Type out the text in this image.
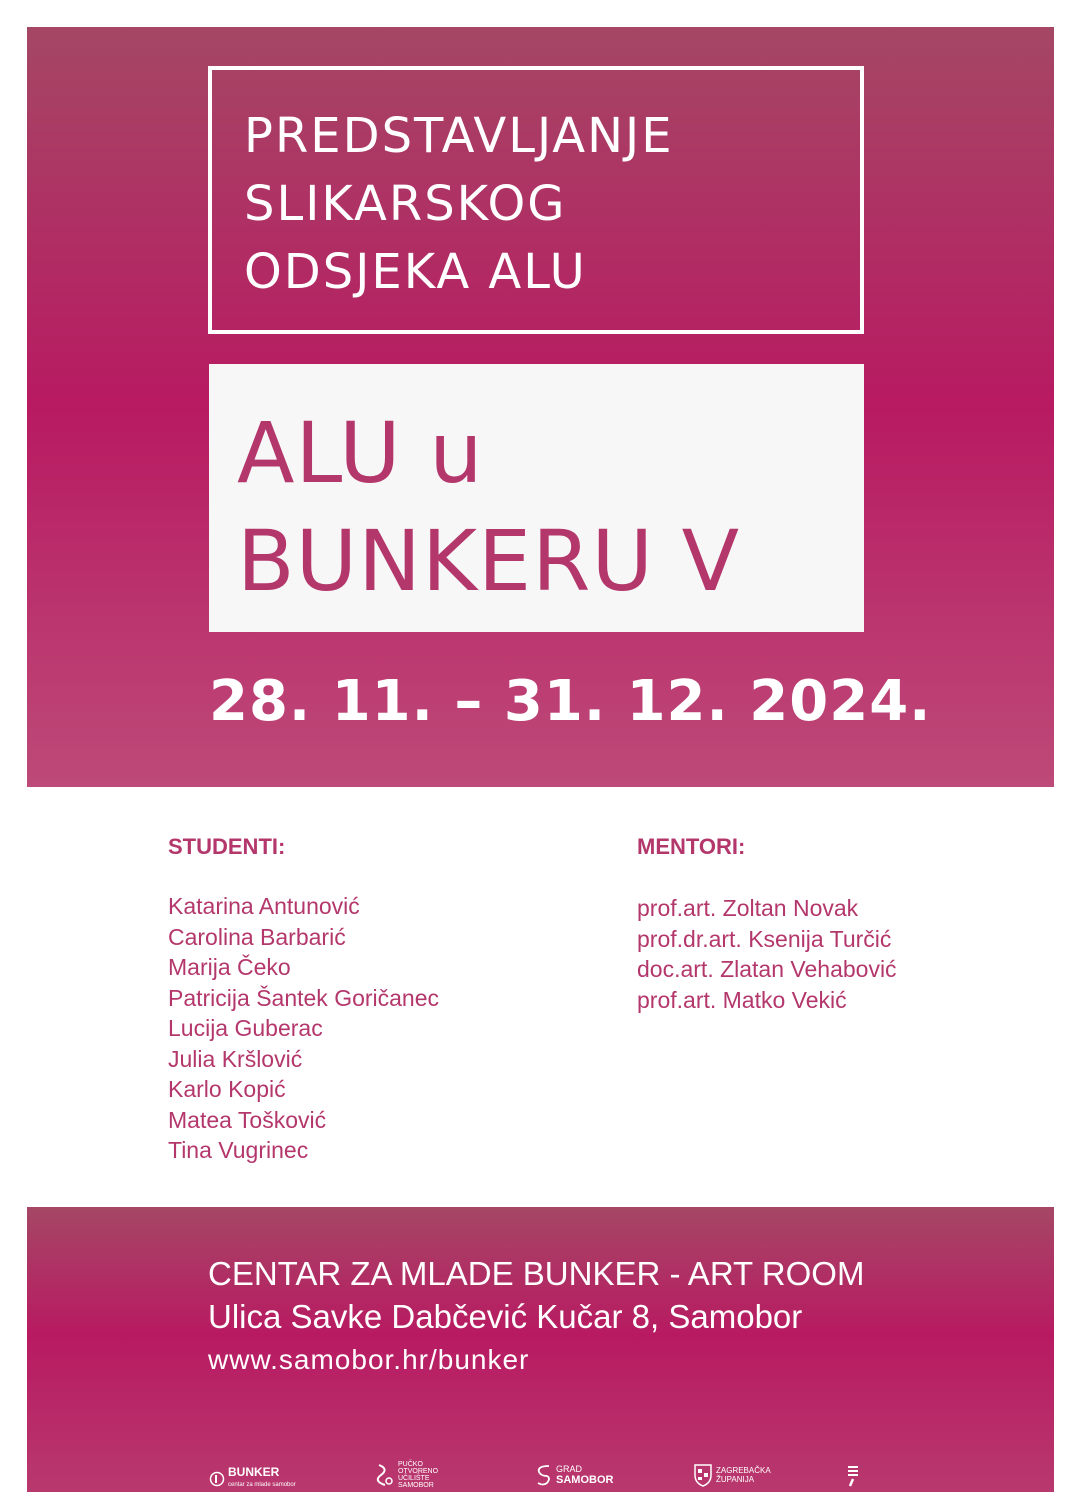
PREDSTAVLJANJE
SLIKARSKOG
ODSJEKA ALU
ALU u
BUNKERU V
28. 11. – 31. 12. 2024.
STUDENTI:
Katarina Antunović
Carolina Barbarić
Marija Čeko
Patricija Šantek Goričanec
Lucija Guberac
Julia Kršlović
Karlo Kopić
Matea Tošković
Tina Vugrinec
MENTORI:
prof.art. Zoltan Novak
prof.dr.art. Ksenija Turčić
doc.art. Zlatan Vehabović
prof.art. Matko Vekić
CENTAR ZA MLADE BUNKER - ART ROOM
Ulica Savke Dabčević Kučar 8, Samobor
www.samobor.hr/bunker
BUNKER
centar za mlade samobor
PUČKO
OTVORENO
UČILIŠTE
SAMOBOR
GRAD
SAMOBOR
ZAGREBAČKA
ŽUPANIJA
